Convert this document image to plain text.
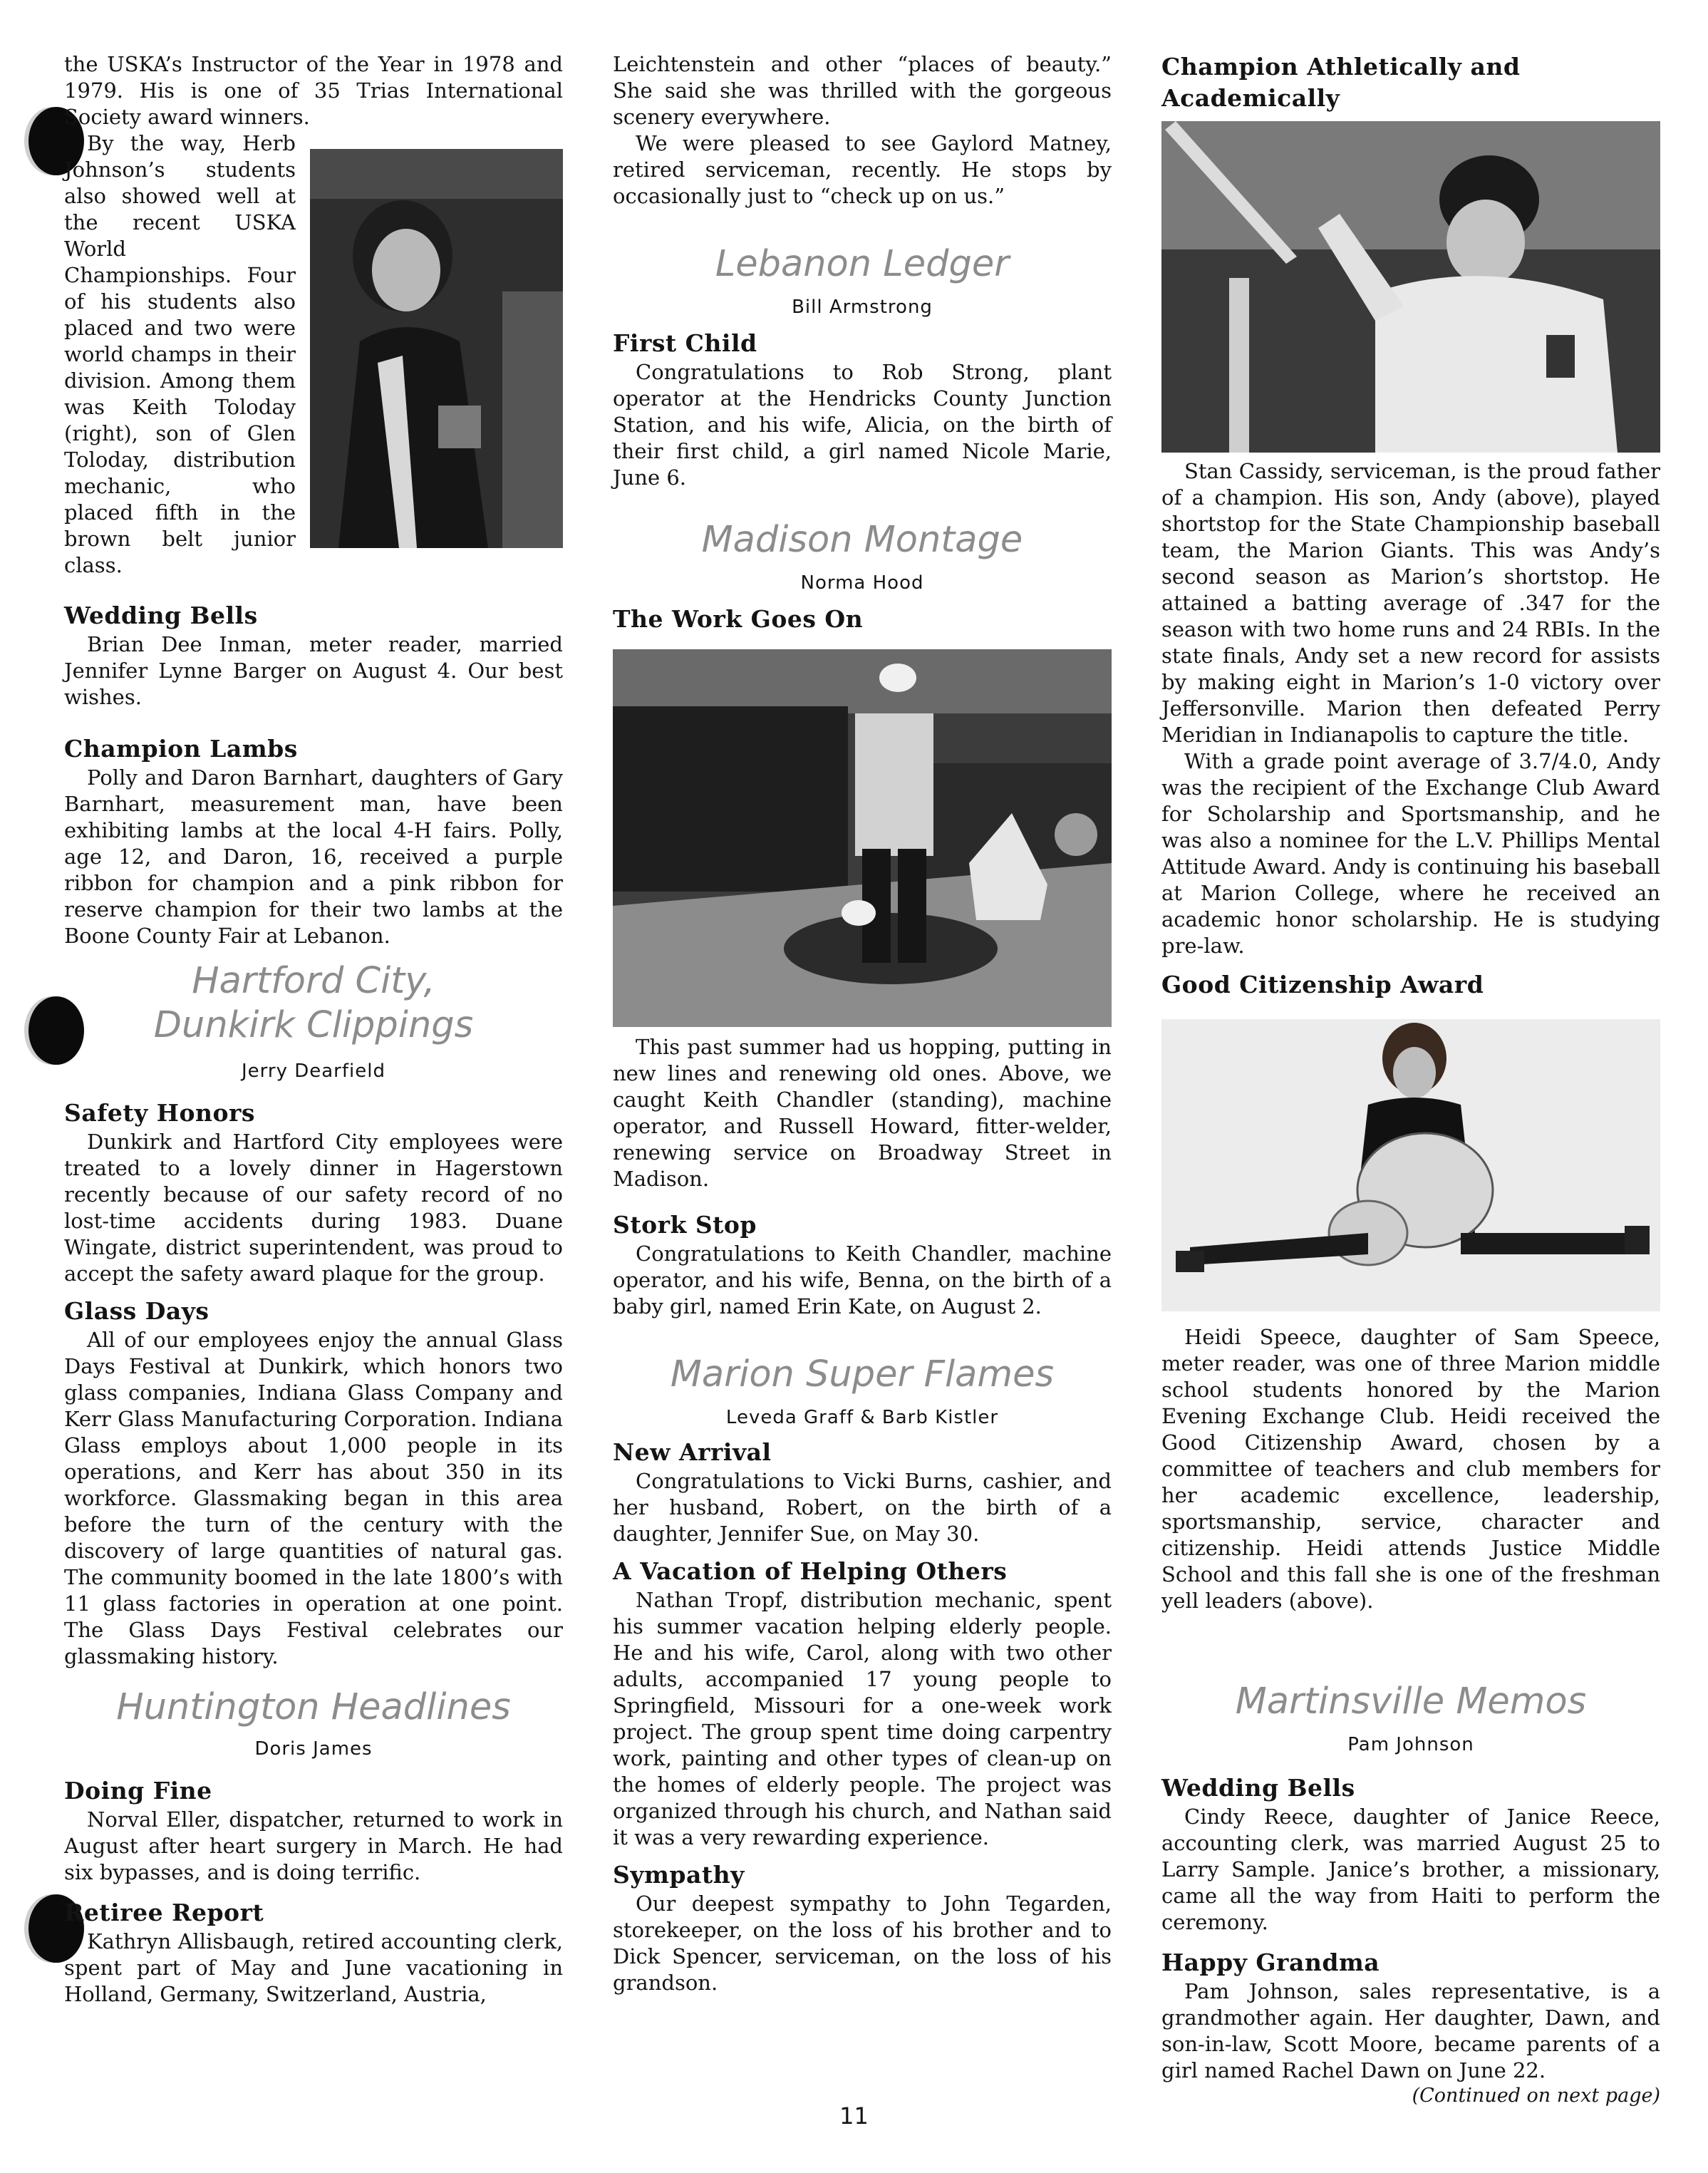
the USKA’s Instructor of the Year in 1978 and 1979. His is one of 35 Trias International Society award winners.

By the way, Herb Johnson’s students also showed well at the recent USKA World Championships. Four of his students also placed and two were world champs in their division. Among them was Keith Toloday (right), son of Glen Toloday, distribution mechanic, who placed fifth in the brown belt junior class.

Wedding Bells

Brian Dee Inman, meter reader, married Jennifer Lynne Barger on August 4. Our best wishes.

Champion Lambs

Polly and Daron Barnhart, daughters of Gary Barnhart, measurement man, have been exhibiting lambs at the local 4-H fairs. Polly, age 12, and Daron, 16, received a purple ribbon for champion and a pink ribbon for reserve champion for their two lambs at the Boone County Fair at Lebanon.

Hartford City,
Dunkirk Clippings
Jerry Dearfield
Safety Honors

Dunkirk and Hartford City employees were treated to a lovely dinner in Hagerstown recently because of our safety record of no lost-time accidents during 1983. Duane Wingate, district superintendent, was proud to accept the safety award plaque for the group.

Glass Days

All of our employees enjoy the annual Glass Days Festival at Dunkirk, which honors two glass companies, Indiana Glass Company and Kerr Glass Manufacturing Corporation. Indiana Glass employs about 1,000 people in its operations, and Kerr has about 350 in its workforce. Glassmaking began in this area before the turn of the century with the discovery of large quantities of natural gas. The community boomed in the late 1800’s with 11 glass factories in operation at one point. The Glass Days Festival celebrates our glassmaking history.

Huntington Headlines
Doris James
Doing Fine

Norval Eller, dispatcher, returned to work in August after heart surgery in March. He had six bypasses, and is doing terrific.

Retiree Report

Kathryn Allisbaugh, retired accounting clerk, spent part of May and June vacationing in Holland, Germany, Switzerland, Austria,

Leichtenstein and other “places of beauty.” She said she was thrilled with the gorgeous scenery everywhere.

We were pleased to see Gaylord Matney, retired serviceman, recently. He stops by occasionally just to “check up on us.”

Lebanon Ledger
Bill Armstrong
First Child

Congratulations to Rob Strong, plant operator at the Hendricks County Junction Station, and his wife, Alicia, on the birth of their first child, a girl named Nicole Marie, June 6.

Madison Montage
Norma Hood
The Work Goes On

This past summer had us hopping, putting in new lines and renewing old ones. Above, we caught Keith Chandler (standing), machine operator, and Russell Howard, fitter-welder, renewing service on Broadway Street in Madison.

Stork Stop

Congratulations to Keith Chandler, machine operator, and his wife, Benna, on the birth of a baby girl, named Erin Kate, on August 2.

Marion Super Flames
Leveda Graff & Barb Kistler
New Arrival

Congratulations to Vicki Burns, cashier, and her husband, Robert, on the birth of a daughter, Jennifer Sue, on May 30.

A Vacation of Helping Others

Nathan Tropf, distribution mechanic, spent his summer vacation helping elderly people. He and his wife, Carol, along with two other adults, accompanied 17 young people to Springfield, Missouri for a one-week work project. The group spent time doing carpentry work, painting and other types of clean-up on the homes of elderly people. The project was organized through his church, and Nathan said it was a very rewarding experience.

Sympathy

Our deepest sympathy to John Tegarden, storekeeper, on the loss of his brother and to Dick Spencer, serviceman, on the loss of his grandson.

Champion Athletically and Academically

Stan Cassidy, serviceman, is the proud father of a champion. His son, Andy (above), played shortstop for the State Championship baseball team, the Marion Giants. This was Andy’s second season as Marion’s shortstop. He attained a batting average of .347 for the season with two home runs and 24 RBIs. In the state finals, Andy set a new record for assists by making eight in Marion’s 1-0 victory over Jeffersonville. Marion then defeated Perry Meridian in Indianapolis to capture the title.

With a grade point average of 3.7/4.0, Andy was the recipient of the Exchange Club Award for Scholarship and Sportsmanship, and he was also a nominee for the L.V. Phillips Mental Attitude Award. Andy is continuing his baseball at Marion College, where he received an academic honor scholarship. He is studying pre-law.

Good Citizenship Award

Heidi Speece, daughter of Sam Speece, meter reader, was one of three Marion middle school students honored by the Marion Evening Exchange Club. Heidi received the Good Citizenship Award, chosen by a committee of teachers and club members for her academic excellence, leadership, sportsmanship, service, character and citizenship. Heidi attends Justice Middle School and this fall she is one of the freshman yell leaders (above).

Martinsville Memos
Pam Johnson
Wedding Bells

Cindy Reece, daughter of Janice Reece, accounting clerk, was married August 25 to Larry Sample. Janice’s brother, a missionary, came all the way from Haiti to perform the ceremony.

Happy Grandma

Pam Johnson, sales representative, is a grandmother again. Her daughter, Dawn, and son-in-law, Scott Moore, became parents of a girl named Rachel Dawn on June 22.

(Continued on next page)

11
